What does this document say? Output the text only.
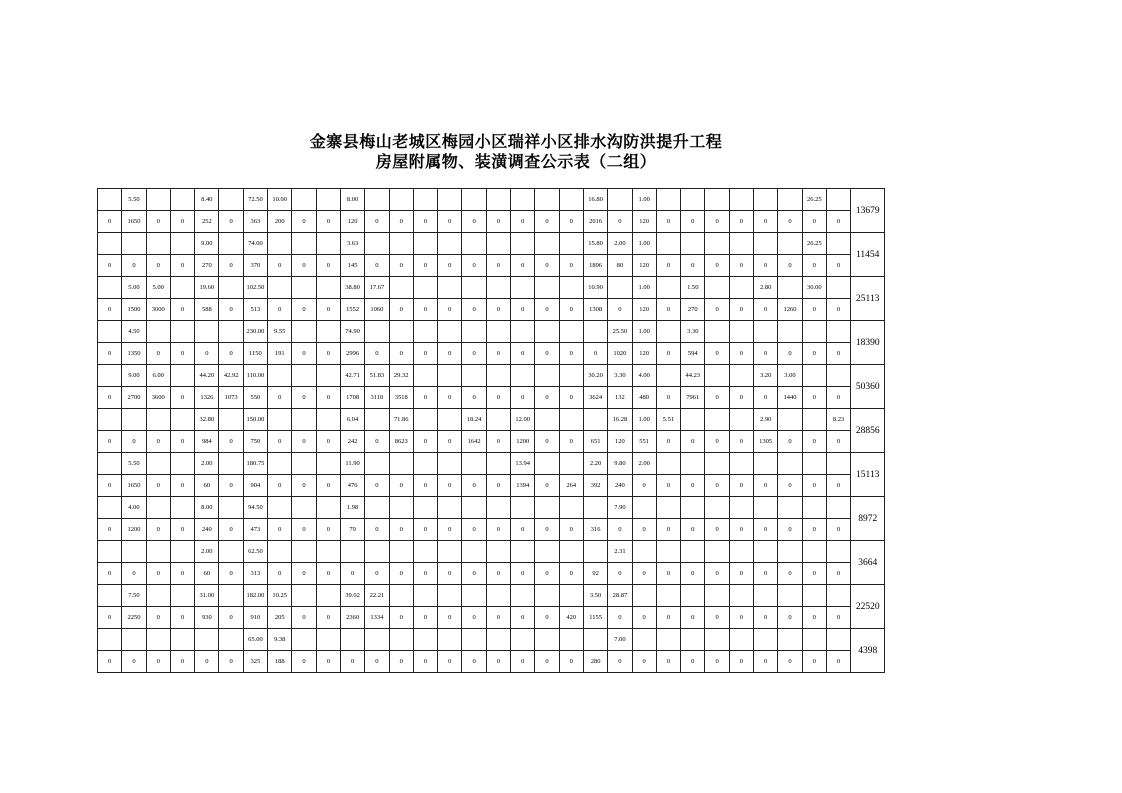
金寨县梅山老城区梅园小区瑞祥小区排水沟防洪提升工程
房屋附属物、装潢调查公示表（二组）
	5.50			8.40		72.50	10.00			8.00										16.80		1.00							26.25		13679
0	1650	0	0	252	0	363	200	0	0	120	0	0	0	0	0	0	0	0	0	2016	0	120	0	0	0	0	0	0	0	0	
				9.00		74.00				3.63										15.80	2.00	1.00							26.25		11454
0	0	0	0	270	0	370	0	0	0	145	0	0	0	0	0	0	0	0	0	1896	80	120	0	0	0	0	0	0	0	0	
	5.00	5.00		19.60		102.50				38.80	17.67									10.90		1.00		1.50			2.80		30.00		25113
0	1500	3000	0	588	0	513	0	0	0	1552	1060	0	0	0	0	0	0	0	0	1308	0	120	0	270	0	0	0	1260	0	0	
	4.50					230.00	9.55			74.90											25.50	1.00		3.30							18390
0	1350	0	0	0	0	1150	191	0	0	2996	0	0	0	0	0	0	0	0	0	0	1020	120	0	594	0	0	0	0	0	0	
	9.00	6.00		44.20	42.92	110.00				42.71	51.83	29.32								30.20	3.30	4.00		44.23			3.20	3.00			50360
0	2700	3600	0	1326	1073	550	0	0	0	1708	3110	3518	0	0	0	0	0	0	0	3624	132	480	0	7961	0	0	0	1440	0	0	
				32.80		150.00				6.04		71.86			18.24		12.00				16.28	1.00	5.51				2.90			8.23	28856
0	0	0	0	984	0	750	0	0	0	242	0	8623	0	0	1642	0	1200	0	0	651	120	551	0	0	0	0	1305	0	0	0	
	5.50			2.00		180.75				11.90							13.94			2.20	9.80	2.00									15113
0	1650	0	0	60	0	904	0	0	0	476	0	0	0	0	0	0	1394	0	264	392	240	0	0	0	0	0	0	0	0	0	
	4.00			8.00		94.50				1.98											7.90										8972
0	1200	0	0	240	0	473	0	0	0	79	0	0	0	0	0	0	0	0	0	316	0	0	0	0	0	0	0	0	0	0	
				2.00		62.50															2.31										3664
0	0	0	0	60	0	313	0	0	0	0	0	0	0	0	0	0	0	0	0	92	0	0	0	0	0	0	0	0	0	0	
	7.50			31.00		182.00	10.25			39.02	22.21									3.50	28.87										22520
0	2250	0	0	930	0	910	205	0	0	2360	1334	0	0	0	0	0	0	0	420	1155	0	0	0	0	0	0	0	0	0	0	
						65.00	9.38														7.00										4398
0	0	0	0	0	0	325	188	0	0	0	0	0	0	0	0	0	0	0	0	280	0	0	0	0	0	0	0	0	0	0	
